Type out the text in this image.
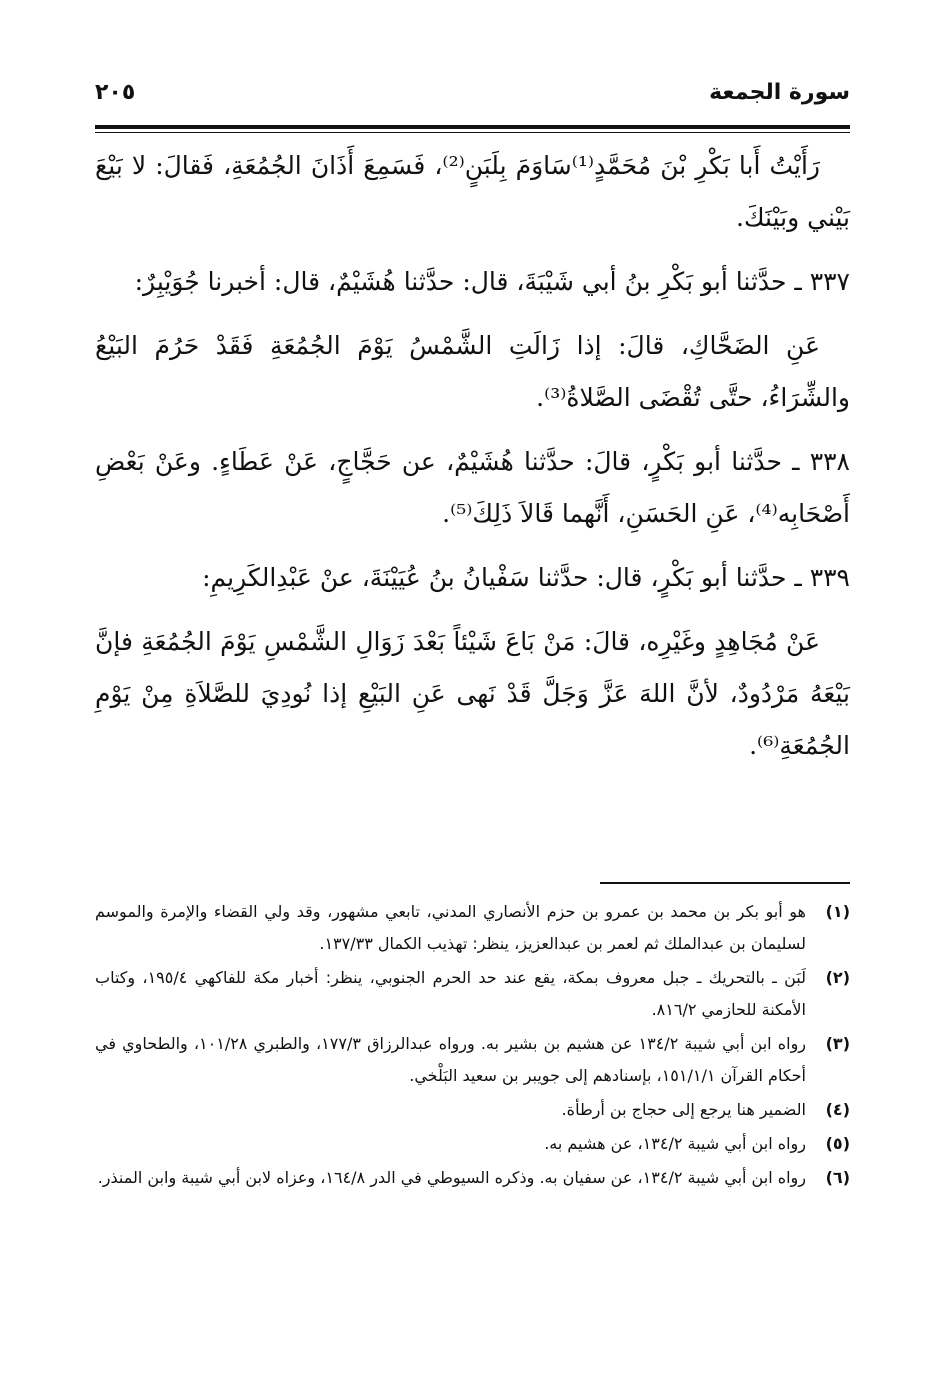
سورة الجمعة
٢٠٥

رَأَيْتُ أَبا بَكْرِ بْنَ مُحَمَّدٍ⁽¹⁾سَاوَمَ بِلَبَنٍ⁽²⁾، فَسَمِعَ أَذَانَ الجُمُعَةِ، فَقالَ: لا بَيْعَ بَيْني وبَيْنَكَ.

٣٣٧ ـ حدَّثنا أبو بَكْرِ بنُ أبي شَيْبَةَ، قال: حدَّثنا هُشَيْمٌ، قال: أخبرنا جُوَيْبِرٌ:

عَنِ الضَحَّاكِ، قالَ: إذا زَالَتِ الشَّمْسُ يَوْمَ الجُمُعَةِ فَقَدْ حَرُمَ البَيْعُ والشِّرَاءُ، حتَّى تُقْضَى الصَّلاةُ⁽³⁾.

٣٣٨ ـ حدَّثنا أبو بَكْرٍ، قالَ: حدَّثنا هُشَيْمٌ، عن حَجَّاجٍ، عَنْ عَطَاءٍ. وعَنْ بَعْضِ أَصْحَابِه⁽⁴⁾، عَنِ الحَسَنِ، أَنَّهما قَالاَ ذَلِكَ⁽⁵⁾.

٣٣٩ ـ حدَّثنا أبو بَكْرٍ، قال: حدَّثنا سَفْيانُ بنُ عُيَيْنَةَ، عنْ عَبْدِالكَرِيمِ:

عَنْ مُجَاهِدٍ وغَيْرِه، قالَ: مَنْ بَاعَ شَيْئاً بَعْدَ زَوَالِ الشَّمْسِ يَوْمَ الجُمُعَةِ فإنَّ بَيْعَهُ مَرْدُودٌ، لأنَّ اللهَ عَزَّ وَجَلَّ قَدْ نَهى عَنِ البَيْعِ إذا نُودِيَ للصَّلاَةِ مِنْ يَوْمِ الجُمُعَةِ⁽⁶⁾.

(١)
هو أبو بكر بن محمد بن عمرو بن حزم الأنصاري المدني، تابعي مشهور، وقد ولي القضاء والإمرة والموسم لسليمان بن عبدالملك ثم لعمر بن عبدالعزيز، ينظر: تهذيب الكمال ١٣٧/٣٣.
(٢)
لَبَن ـ بالتحريك ـ جبل معروف بمكة، يقع عند حد الحرم الجنوبي، ينظر: أخبار مكة للفاكهي ١٩٥/٤، وكتاب الأمكنة للحازمي ٨١٦/٢.
(٣)
رواه ابن أبي شيبة ١٣٤/٢ عن هشيم بن بشير به. ورواه عبدالرزاق ١٧٧/٣، والطبري ١٠١/٢٨، والطحاوي في أحكام القرآن ١٥١/١/١، بإسنادهم إلى جويبر بن سعيد البَلْخي.
(٤)
الضمير هنا يرجع إلى حجاج بن أرطأة.
(٥)
رواه ابن أبي شيبة ١٣٤/٢، عن هشيم به.
(٦)
رواه ابن أبي شيبة ١٣٤/٢، عن سفيان به. وذكره السيوطي في الدر ١٦٤/٨، وعزاه لابن أبي شيبة وابن المنذر.
